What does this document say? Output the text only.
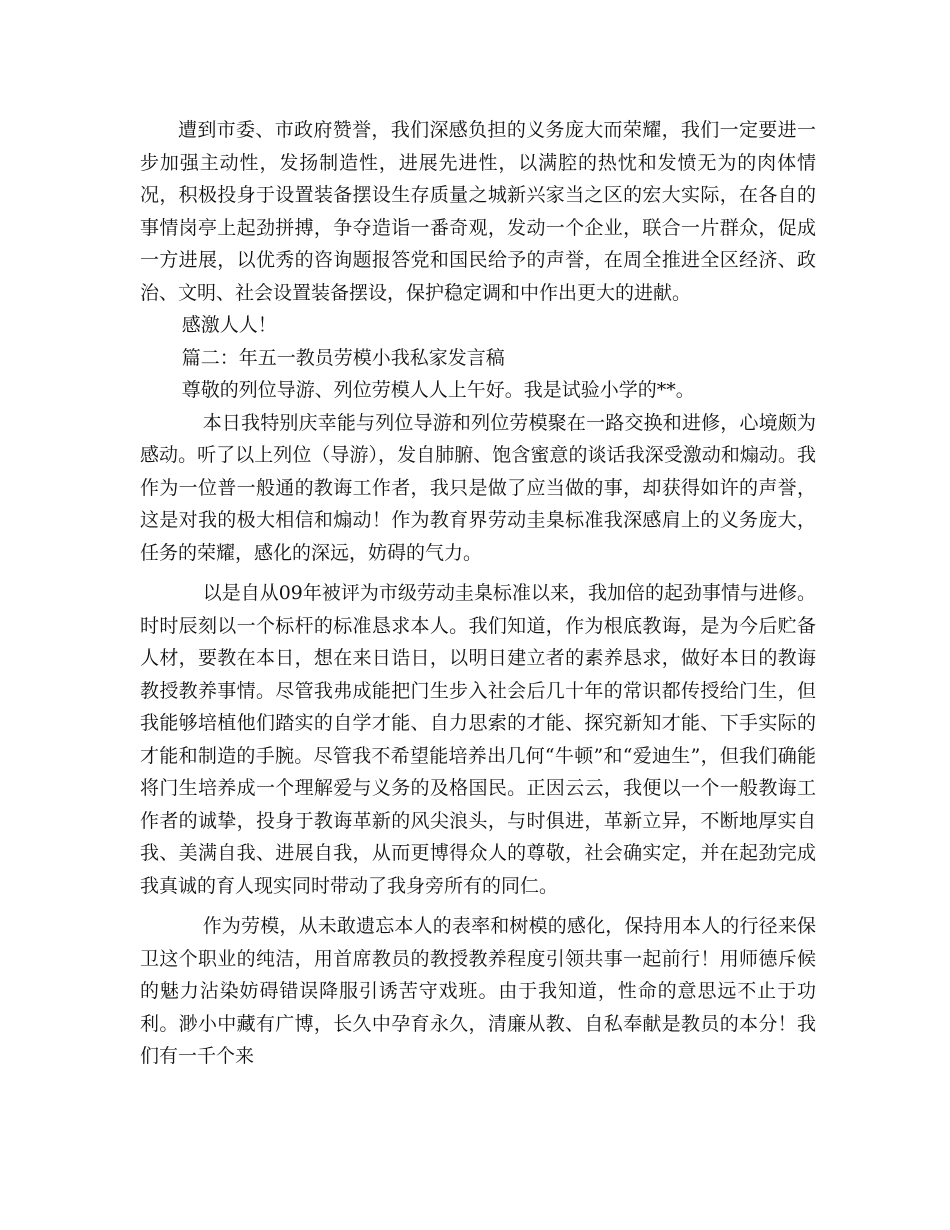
遭到市委、市政府赞誉，我们深感负担的义务庞大而荣耀，我们一定要进一步加强主动性，发扬制造性，进展先进性，以满腔的热忱和发愤无为的肉体情况，积极投身于设置装备摆设生存质量之城新兴家当之区的宏大实际，在各自的事情岗亭上起劲拼搏，争夺造诣一番奇观，发动一个企业，联合一片群众，促成一方进展，以优秀的咨询题报答党和国民给予的声誉，在周全推进全区经济、政治、文明、社会设置装备摆设，保护稳定调和中作出更大的进献。

感激人人！

篇二：年五一教员劳模小我私家发言稿

尊敬的列位导游、列位劳模人人上午好。我是试验小学的**。

本日我特别庆幸能与列位导游和列位劳模聚在一路交换和进修，心境颇为感动。听了以上列位（导游），发自肺腑、饱含蜜意的谈话我深受激动和煽动。我作为一位普一般通的教诲工作者，我只是做了应当做的事，却获得如许的声誉，这是对我的极大相信和煽动！作为教育界劳动圭臬标准我深感肩上的义务庞大，任务的荣耀，感化的深远，妨碍的气力。

以是自从09年被评为市级劳动圭臬标准以来，我加倍的起劲事情与进修。时时辰刻以一个标杆的标准恳求本人。我们知道，作为根底教诲，是为今后贮备人材，要教在本日，想在来日诰日，以明日建立者的素养恳求，做好本日的教诲教授教养事情。尽管我弗成能把门生步入社会后几十年的常识都传授给门生，但我能够培植他们踏实的自学才能、自力思索的才能、探究新知才能、下手实际的才能和制造的手腕。尽管我不希望能培养出几何“牛顿”和“爱迪生”，但我们确能将门生培养成一个理解爱与义务的及格国民。正因云云，我便以一个一般教诲工作者的诚挚，投身于教诲革新的风尖浪头，与时俱进，革新立异，不断地厚实自我、美满自我、进展自我，从而更博得众人的尊敬，社会确实定，并在起劲完成我真诚的育人现实同时带动了我身旁所有的同仁。

作为劳模，从未敢遗忘本人的表率和树模的感化，保持用本人的行径来保卫这个职业的纯洁，用首席教员的教授教养程度引领共事一起前行！用师德斥候的魅力沾染妨碍错误降服引诱苦守戏班。由于我知道，性命的意思远不止于功利。渺小中藏有广博，长久中孕育永久，清廉从教、自私奉献是教员的本分！我们有一千个来
